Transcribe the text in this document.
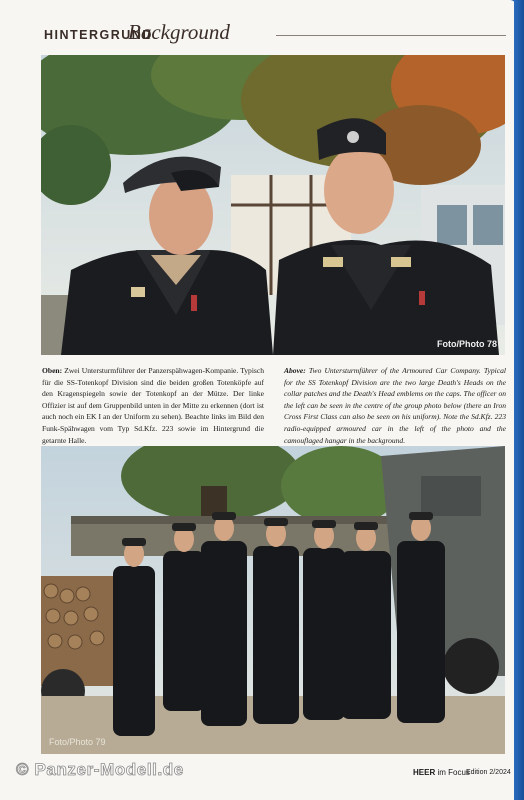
HINTERGRUND
Background
Foto/Photo 78
Oben: Zwei Untersturmführer der Panzerspähwagen-Kompanie. Typisch für die SS-Totenkopf Division sind die beiden großen Totenköpfe auf den Kragenspiegeln sowie der Totenkopf an der Mütze. Der linke Offizier ist auf dem Gruppenbild unten in der Mitte zu erkennen (dort ist auch noch ein EK I an der Uniform zu sehen). Beachte links im Bild den Funk-Spähwagen vom Typ Sd.Kfz. 223 sowie im Hintergrund die getarnte Halle.
Above: Two Untersturmführer of the Armoured Car Company. Typical for the SS Totenkopf Division are the two large Death's Heads on the collar patches and the Death's Head emblems on the caps. The officer on the left can be seen in the centre of the group photo below (there an Iron Cross First Class can also be seen on his uniform). Note the Sd.Kfz. 223 radio-equipped armoured car in the left of the photo and the camouflaged hangar in the background.
Foto/Photo 79
© Panzer-Modell.de	HEER im Focus
Edition 2/2024
